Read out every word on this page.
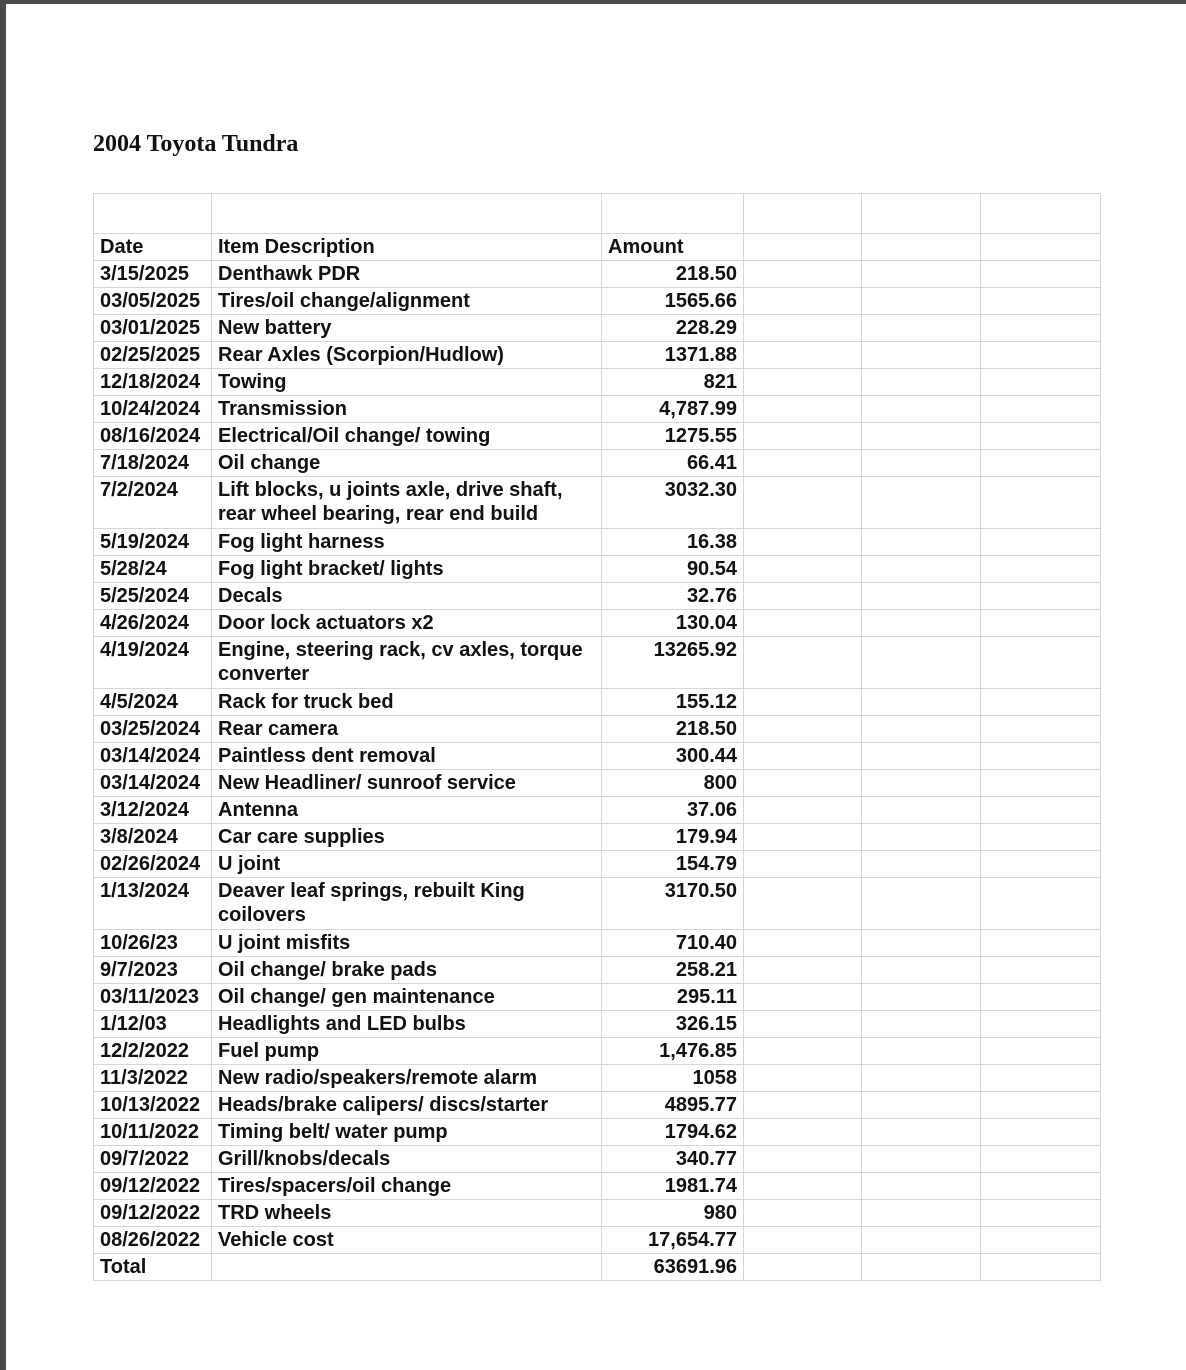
2004 Toyota Tundra

Date	Item Description	Amount			
3/15/2025	Denthawk PDR	218.50			
03/05/2025	Tires/oil change/alignment	1565.66			
03/01/2025	New battery	228.29			
02/25/2025	Rear Axles (Scorpion/Hudlow)	1371.88			
12/18/2024	Towing	821			
10/24/2024	Transmission	4,787.99			
08/16/2024	Electrical/Oil change/ towing	1275.55			
7/18/2024	Oil change	66.41			
7/2/2024	Lift blocks, u joints axle, drive shaft, rear wheel bearing, rear end build	3032.30			
5/19/2024	Fog light harness	16.38			
5/28/24	Fog light bracket/ lights	90.54			
5/25/2024	Decals	32.76			
4/26/2024	Door lock actuators x2	130.04			
4/19/2024	Engine, steering rack, cv axles, torque converter	13265.92			
4/5/2024	Rack for truck bed	155.12			
03/25/2024	Rear camera	218.50			
03/14/2024	Paintless dent removal	300.44			
03/14/2024	New Headliner/ sunroof service	800			
3/12/2024	Antenna	37.06			
3/8/2024	Car care supplies	179.94			
02/26/2024	U joint	154.79			
1/13/2024	Deaver leaf springs, rebuilt King coilovers	3170.50			
10/26/23	U joint misfits	710.40			
9/7/2023	Oil change/ brake pads	258.21			
03/11/2023	Oil change/ gen maintenance	295.11			
1/12/03	Headlights and LED bulbs	326.15			
12/2/2022	Fuel pump	1,476.85			
11/3/2022	New radio/speakers/remote alarm	1058			
10/13/2022	Heads/brake calipers/ discs/starter	4895.77			
10/11/2022	Timing belt/ water pump	1794.62			
09/7/2022	Grill/knobs/decals	340.77			
09/12/2022	Tires/spacers/oil change	1981.74			
09/12/2022	TRD wheels	980			
08/26/2022	Vehicle cost	17,654.77			
Total		63691.96			
